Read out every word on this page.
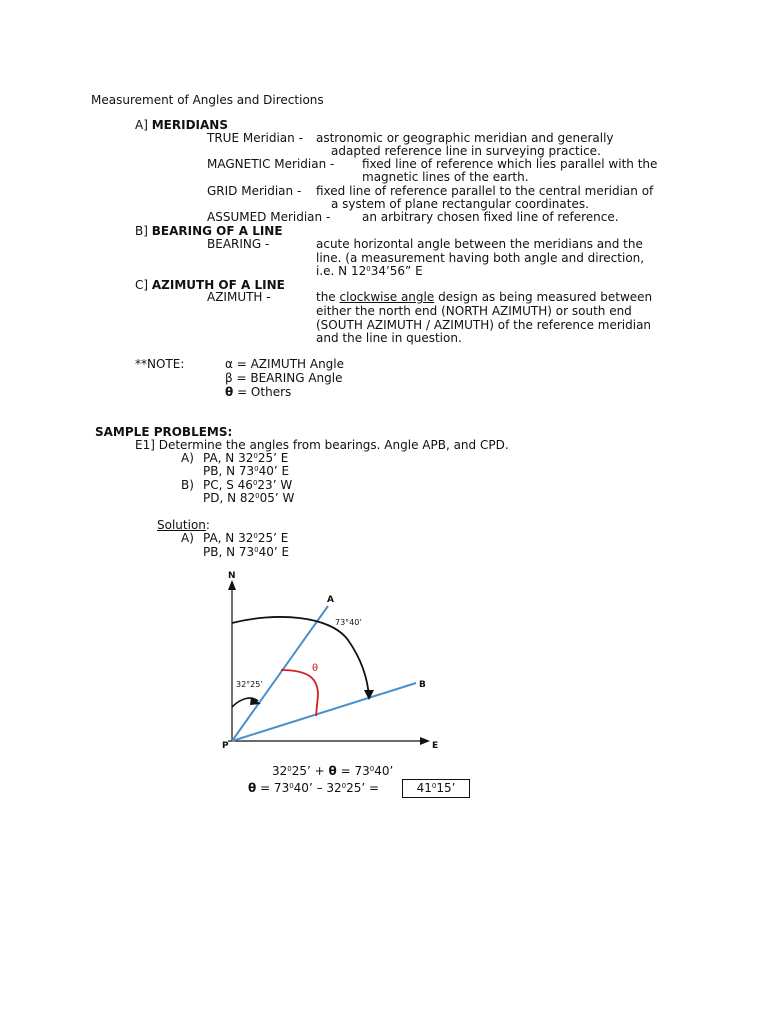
Measurement of Angles and Directions
A] MERIDIANS
TRUE Meridian - astronomic or geographic meridian and generally
adapted reference line in surveying practice.
MAGNETIC Meridian - fixed line of reference which lies parallel with the
magnetic lines of the earth.
GRID Meridian - fixed line of reference parallel to the central meridian of
a system of plane rectangular coordinates.
ASSUMED Meridian -	an arbitrary chosen fixed line of reference.
B] BEARING OF A LINE
BEARING -	acute horizontal angle between the meridians and the
line. (a measurement having both angle and direction,
i.e. N $12^034’56$” E
C] AZIMUTH OF A LINE
AZIMUTH -	the clockwise angle design as being measured between
either the north end (NORTH AZIMUTH) or south end
(SOUTH AZIMUTH / AZIMUTH) of the reference meridian
and the line in question.
**NOTE:	α = AZIMUTH Angle
β = BEARING Angle
θ = Others
SAMPLE PROBLEMS:
E1] Determine the angles from bearings. Angle APB, and CPD.
A) PA, N $32^025$’ E
PB, N $73^040$’ E
B) PC, S $46^023$’ W
PD, N $82^005$’ W
Solution:
A) PA, N $32^025$’ E
PB, N $73^040$’ E
N
E
P
A
B
73°40’
32°25’
θ
$32^025$’ + $\theta = 73^040$’
$\theta = 73^040$’ – $32^025$’ =	$41^015$’
